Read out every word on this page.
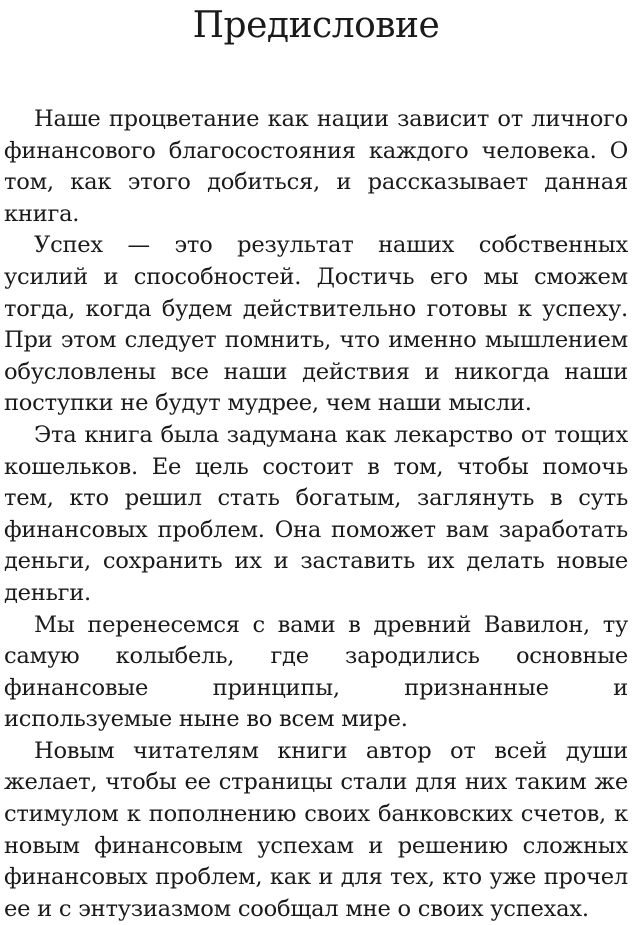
Предисловие

Наше процветание как нации зависит от личного финансового благосостояния каждого человека. О том, как этого добиться, и рассказывает данная книга.

Успех — это результат наших собственных усилий и способностей. Достичь его мы сможем тогда, когда будем действительно готовы к успеху. При этом следует помнить, что именно мышлением обусловлены все наши действия и никогда наши поступки не будут мудрее, чем наши мысли.

Эта книга была задумана как лекарство от тощих кошельков. Ее цель состоит в том, чтобы помочь тем, кто решил стать богатым, заглянуть в суть финансовых проблем. Она поможет вам заработать деньги, сохранить их и заставить их делать новые деньги.

Мы перенесемся с вами в древний Вавилон, ту самую колыбель, где зародились основные финансовые принципы, признанные и используемые ныне во всем мире.

Новым читателям книги автор от всей души желает, чтобы ее страницы стали для них таким же стимулом к пополнению своих банковских счетов, к новым финансовым успехам и решению сложных финансовых проблем, как и для тех, кто уже прочел ее и с энтузиазмом сообщал мне о своих успехах.
